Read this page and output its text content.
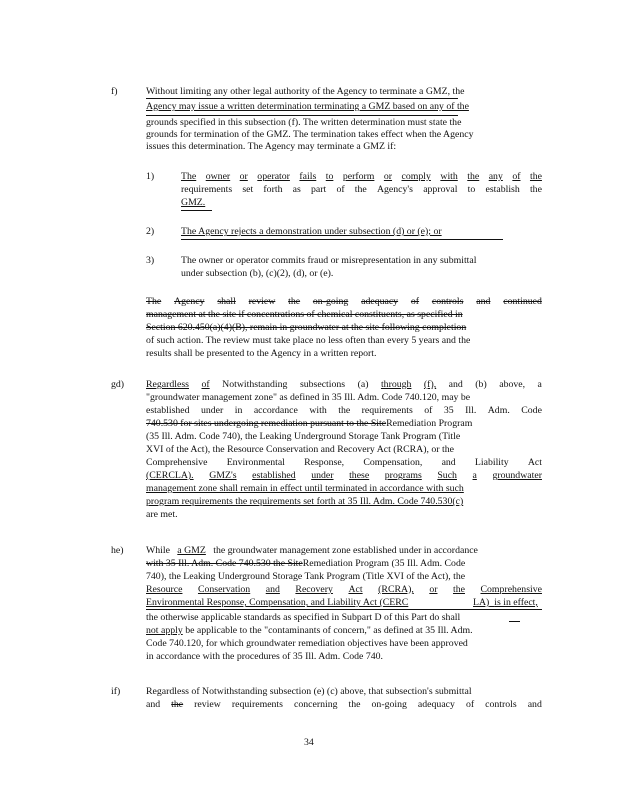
f)	Without limiting any other legal authority of the Agency to terminate a GMZ, the
Agency may issue a written determination terminating a GMZ based on any of the
grounds specified in this subsection (f). The written determination must state the
grounds for termination of the GMZ. The termination takes effect when the Agency
issues this determination. The Agency may terminate a GMZ if:
1)	The owner or operator fails to perform or comply with the any of the
requirements set forth as part of the Agency's approval to establish the
GMZ.
2)	The Agency rejects a demonstration under subsection (d) or (e); or
3)	The owner or operator commits fraud or misrepresentation in any submittal
under subsection (b), (c)(2), (d), or (e).
The Agency shall review the on-going adequacy of controls and continued
management at the site if concentrations of chemical constituents, as specified in
Section 620.450(a)(4)(B), remain in groundwater at the site following completion
of such action. The review must take place no less often than every 5 years and the
results shall be presented to the Agency in a written report.
gd) Regardless of Notwithstanding subsections (a) through (f), and (b) above, a
"groundwater management zone" as defined in 35 Ill. Adm. Code 740.120, may be
established under in accordance with the requirements of 35 Ill. Adm. Code
740.530 for sites undergoing remediation pursuant to the SiteRemediation Program
(35 Ill. Adm. Code 740), the Leaking Underground Storage Tank Program (Title
XVI of the Act), the Resource Conservation and Recovery Act (RCRA), or the
Comprehensive Environmental Response, Compensation, and Liability Act
(CERCLA). GMZ's established under these programs Such a groundwater
management zone shall remain in effect until terminated in accordance with such
program requirements the requirements set forth at 35 Ill. Adm. Code 740.530(c)
are met.
he) While a GMZ the groundwater management zone established under in accordance
with 35 Ill. Adm. Code 740.530 the SiteRemediation Program (35 Ill. Adm. Code
740), the Leaking Underground Storage Tank Program (Title XVI of the Act), the
Resource Conservation and Recovery Act (RCRA), or the Comprehensive
Environmental Response, Compensation, and Liability Act (CERC	LA) is in effect,
the otherwise applicable standards as specified in Subpart D of this Part do shall
not apply be applicable to the "contaminants of concern," as defined at 35 Ill. Adm.
Code 740.120, for which groundwater remediation objectives have been approved
in accordance with the procedures of 35 Ill. Adm. Code 740.
if)	Regardless of Notwithstanding subsection (e) (c) above, that subsection's submittal
and the review requirements concerning the on-going adequacy of controls and
34
